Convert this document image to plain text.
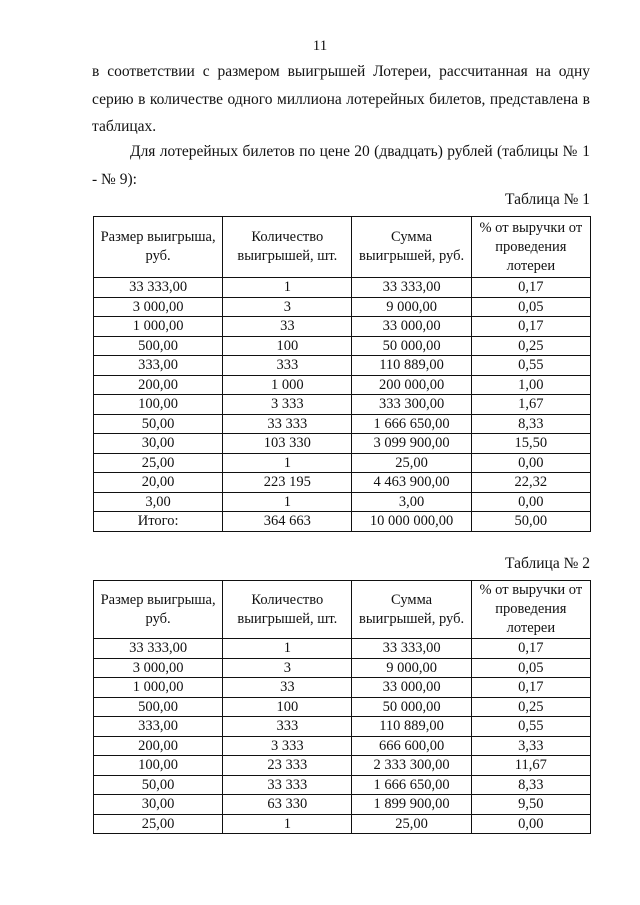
11
в соответствии с размером выигрышей Лотереи, рассчитанная на одну серию в количестве одного миллиона лотерейных билетов, представлена в таблицах.
Для лотерейных билетов по цене 20 (двадцать) рублей (таблицы № 1 - № 9):
Таблица № 1
Размер выигрыша, руб.	Количество выигрышей, шт.	Сумма выигрышей, руб.	% от выручки от проведения лотереи
33 333,00	1	33 333,00	0,17
3 000,00	3	9 000,00	0,05
1 000,00	33	33 000,00	0,17
500,00	100	50 000,00	0,25
333,00	333	110 889,00	0,55
200,00	1 000	200 000,00	1,00
100,00	3 333	333 300,00	1,67
50,00	33 333	1 666 650,00	8,33
30,00	103 330	3 099 900,00	15,50
25,00	1	25,00	0,00
20,00	223 195	4 463 900,00	22,32
3,00	1	3,00	0,00
Итого:	364 663	10 000 000,00	50,00
Таблица № 2
Размер выигрыша, руб.	Количество выигрышей, шт.	Сумма выигрышей, руб.	% от выручки от проведения лотереи
33 333,00	1	33 333,00	0,17
3 000,00	3	9 000,00	0,05
1 000,00	33	33 000,00	0,17
500,00	100	50 000,00	0,25
333,00	333	110 889,00	0,55
200,00	3 333	666 600,00	3,33
100,00	23 333	2 333 300,00	11,67
50,00	33 333	1 666 650,00	8,33
30,00	63 330	1 899 900,00	9,50
25,00	1	25,00	0,00
